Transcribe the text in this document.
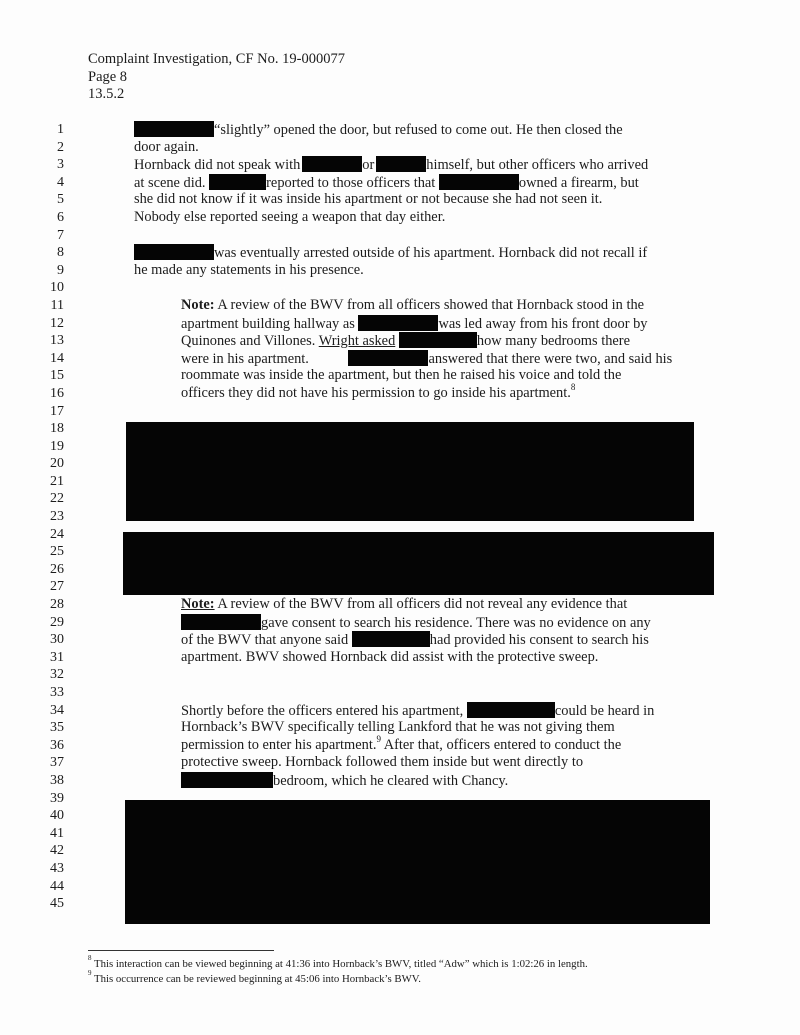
Complaint Investigation, CF No. 19-000077
Page 8
13.5.2
1
2
3
4
5
6
7
8
9
10
11
12
13
14
15
16
17
18
19
20
21
22
23
24
25
26
27
28
29
30
31
32
33
34
35
36
37
38
39
40
41
42
43
44
45
“slightly” opened the door, but refused to come out. He then closed the
door again.
Hornback did not speak with	or	himself, but other officers who arrived
at scene did.	reported to those officers that	owned a firearm, but
she did not know if it was inside his apartment or not because she had not seen it.
Nobody else reported seeing a weapon that day either.
was eventually arrested outside of his apartment. Hornback did not recall if
he made any statements in his presence.
Note: A review of the BWV from all officers showed that Hornback stood in the
apartment building hallway as	was led away from his front door by
Quinones and Villones. Wright asked	how many bedrooms there
were in his apartment.	answered that there were two, and said his
roommate was inside the apartment, but then he raised his voice and told the
officers they did not have his permission to go inside his apartment.$^8$
Note: A review of the BWV from all officers did not reveal any evidence that
gave consent to search his residence. There was no evidence on any
of the BWV that anyone said	had provided his consent to search his
apartment. BWV showed Hornback did assist with the protective sweep.
Shortly before the officers entered his apartment,	could be heard in
Hornback’s BWV specifically telling Lankford that he was not giving them
permission to enter his apartment.$^9$ After that, officers entered to conduct the
protective sweep. Hornback followed them inside but went directly to
bedroom, which he cleared with Chancy.
$^8$ This interaction can be viewed beginning at 41:36 into Hornback’s BWV, titled “Adw” which is 1:02:26 in length.
$^9$ This occurrence can be reviewed beginning at 45:06 into Hornback’s BWV.
